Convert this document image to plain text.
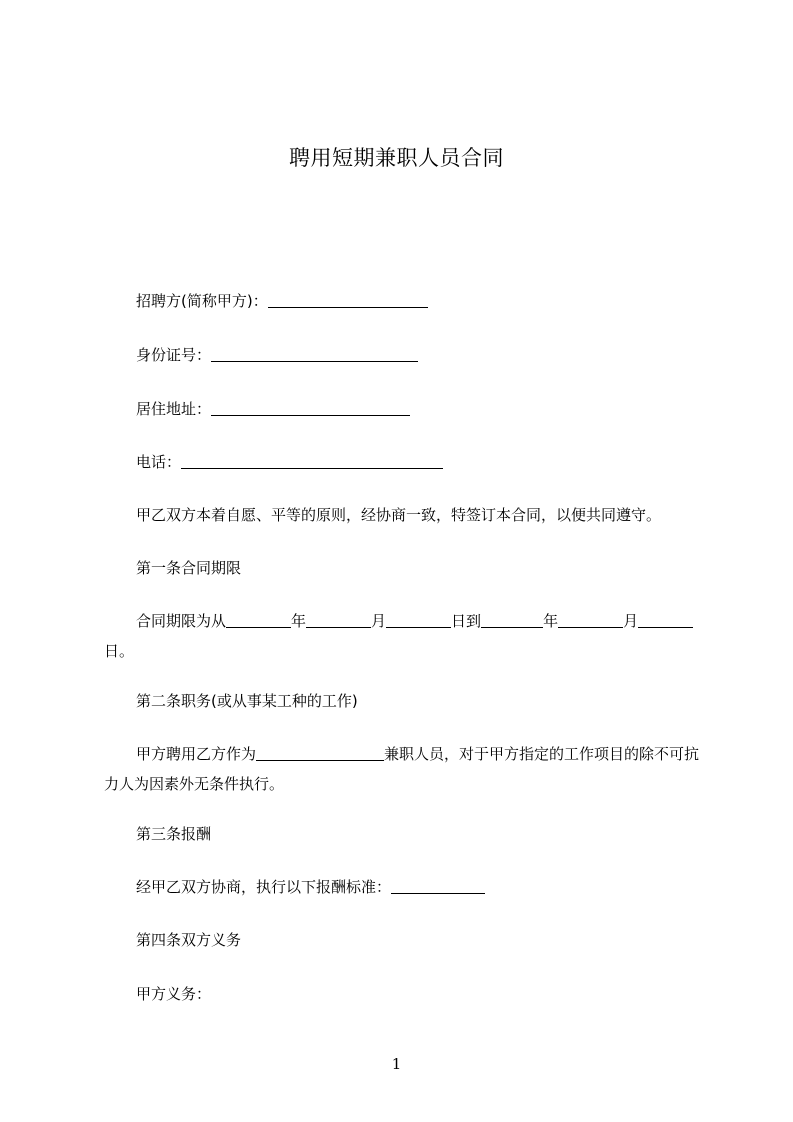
聘用短期兼职人员合同
招聘方(简称甲方)：
身份证号：
居住地址：
电话：
甲乙双方本着自愿、平等的原则，经协商一致，特签订本合同，以便共同遵守。
第一条合同期限
合同期限为从	年	月	日到	年	月日。
第二条职务(或从事某工种的工作)
甲方聘用乙方作为	兼职人员，对于甲方指定的工作项目的除不可抗力人为因素外无条件执行。
第三条报酬
经甲乙双方协商，执行以下报酬标准：
第四条双方义务
甲方义务：
1
